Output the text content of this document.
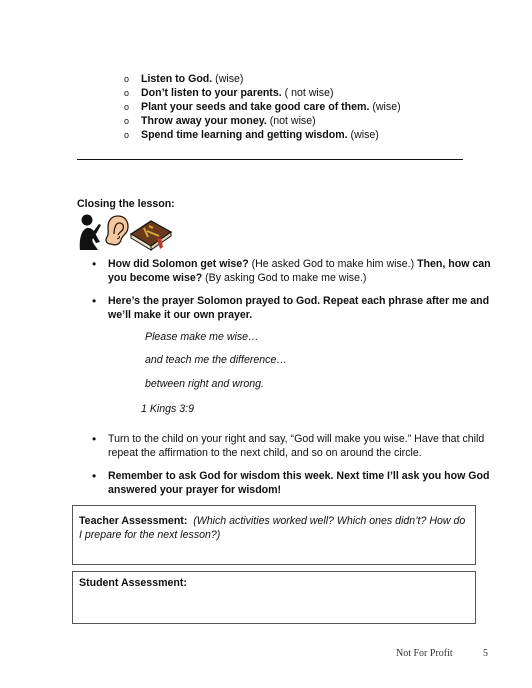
o	Listen to God. (wise)
o	Don’t listen to your parents. ( not wise)
o	Plant your seeds and take good care of them. (wise)
o	Throw away your money. (not wise)
o	Spend time learning and getting wisdom. (wise)
Closing the lesson:
•	How did Solomon get wise? (He asked God to make him wise.) Then, how can you become wise? (By asking God to make me wise.)
•	Here’s the prayer Solomon prayed to God. Repeat each phrase after me and we’ll make it our own prayer.
•	Turn to the child on your right and say, “God will make you wise.” Have that child repeat the affirmation to the next child, and so on around the circle.
•	Remember to ask God for wisdom this week. Next time I’ll ask you how God answered your prayer for wisdom!
Please make me wise…
and teach me the difference…
between right and wrong.
1 Kings 3:9
Teacher Assessment: (Which activities worked well? Which ones didn’t? How do I prepare for the next lesson?)
Student Assessment:
Not For Profit	5
